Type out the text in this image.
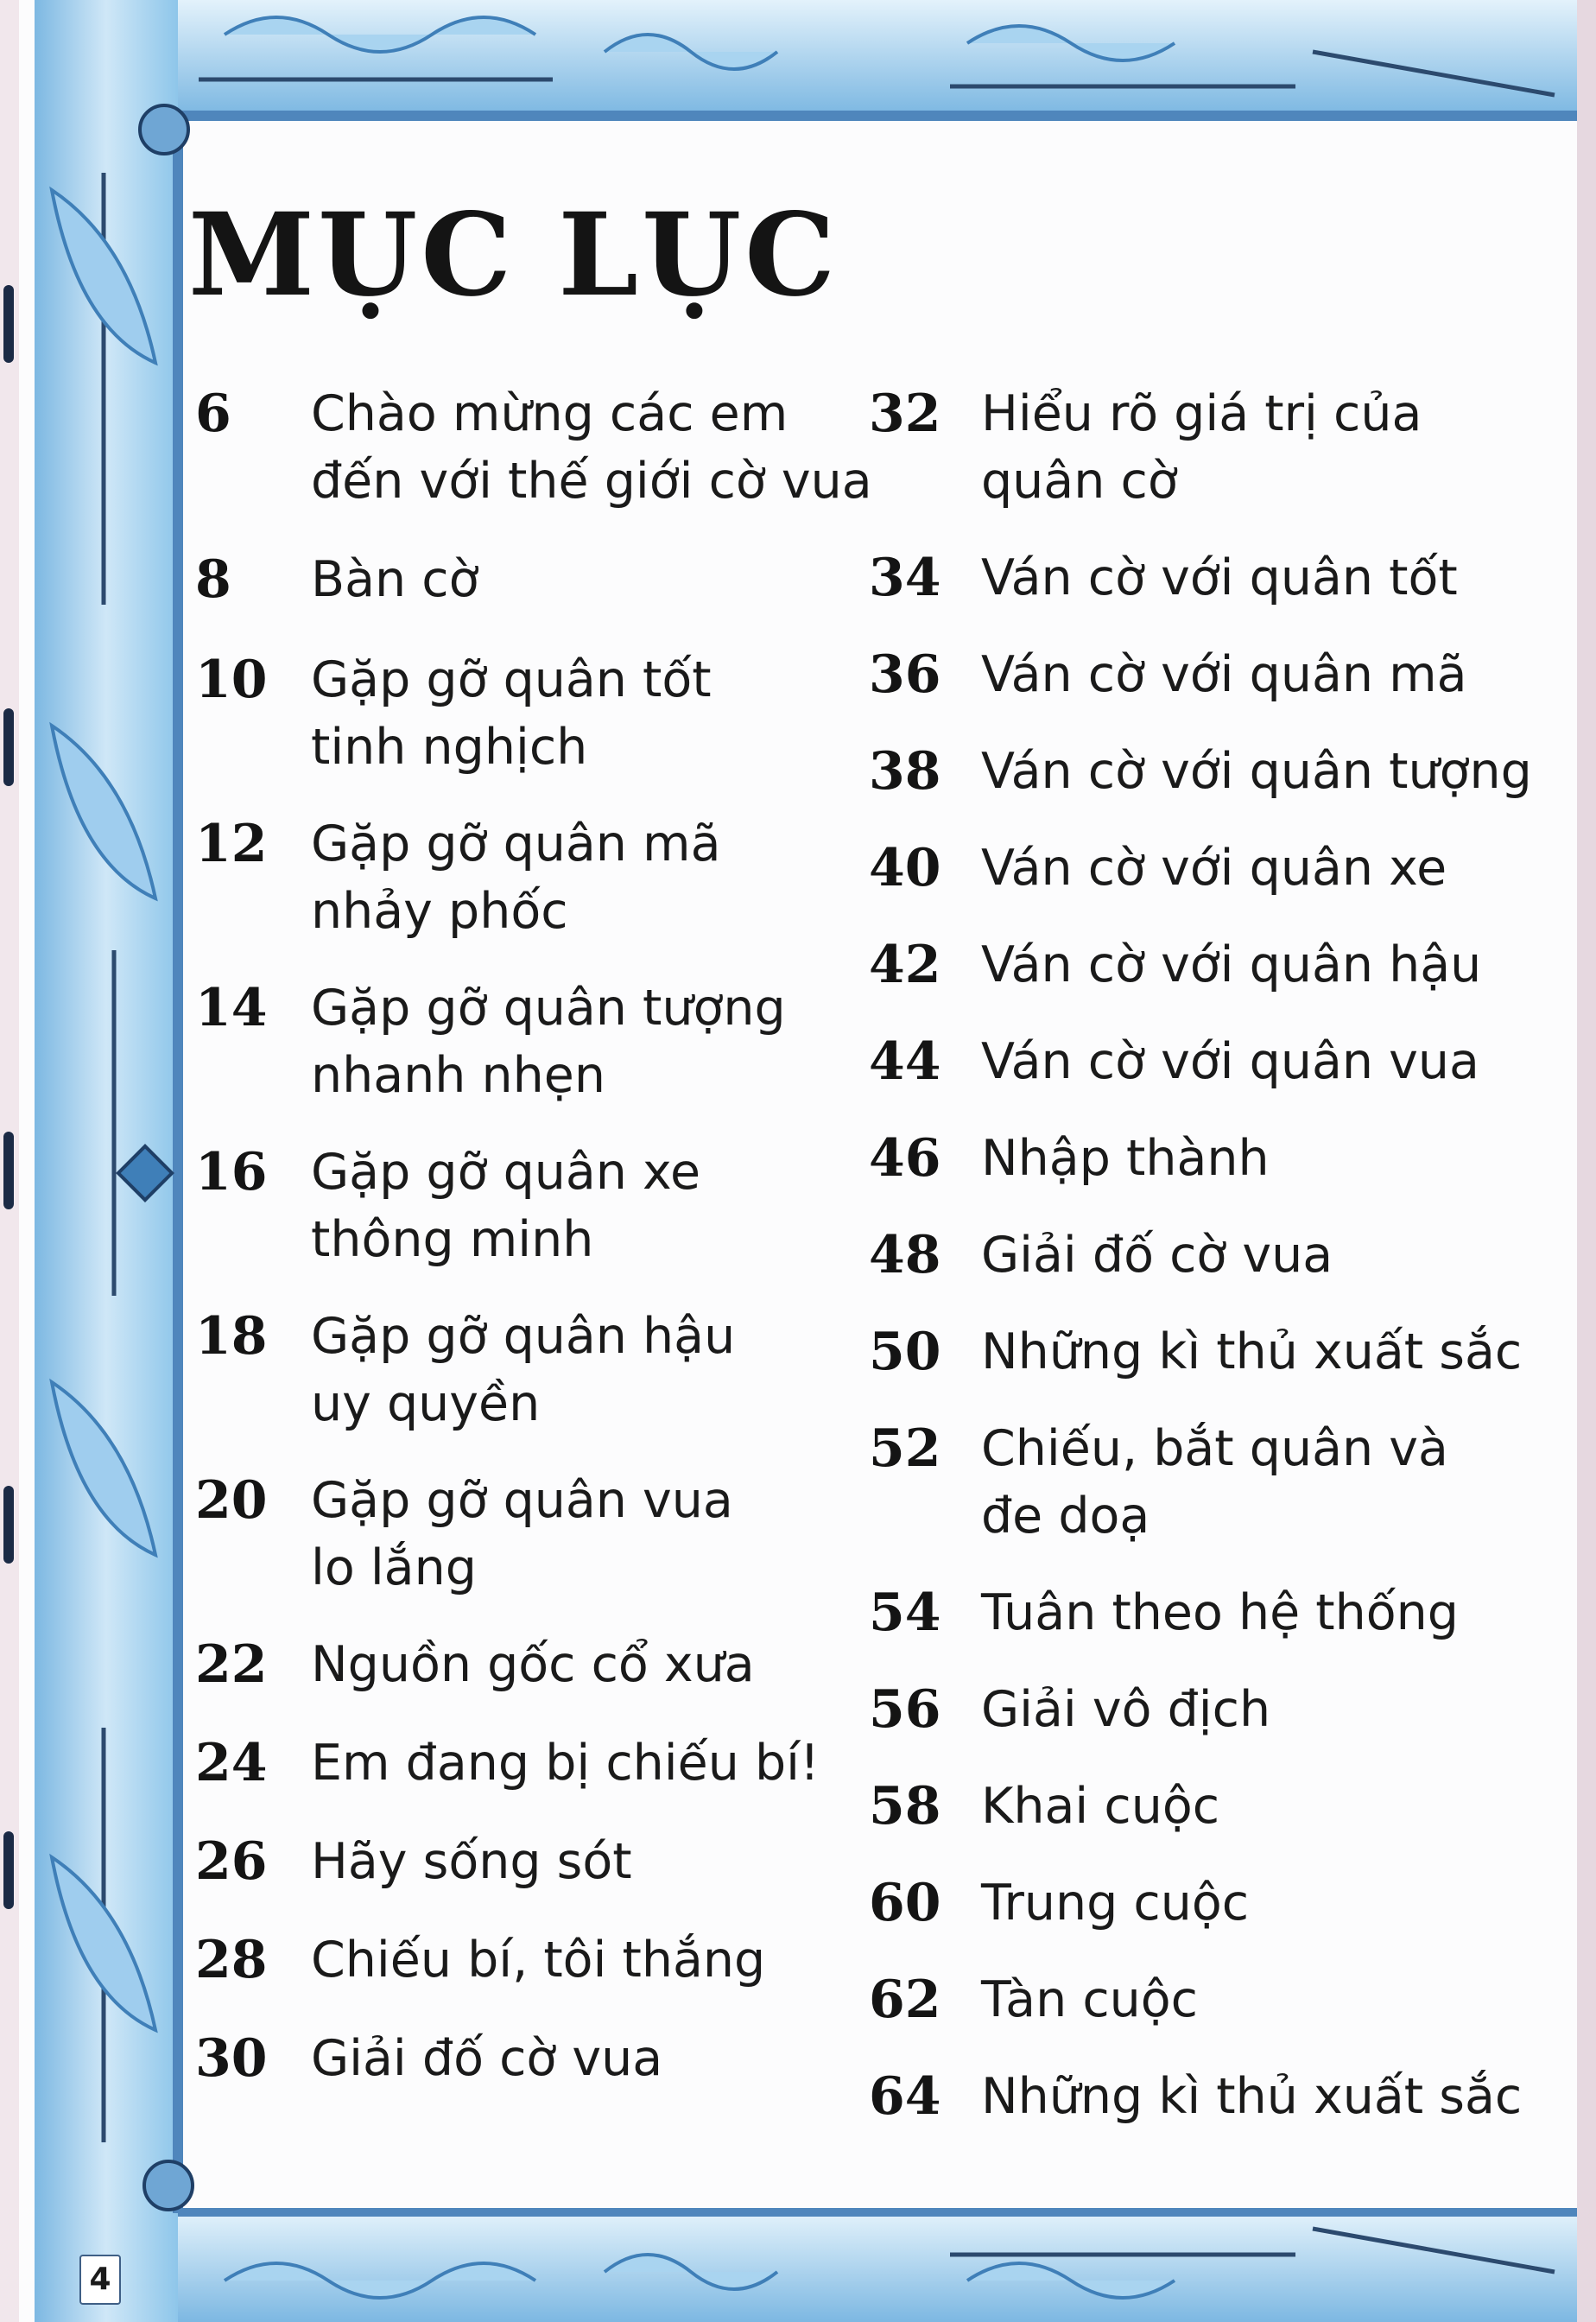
MỤC LỤC
6 Chào mừng các em
đến với thế giới cờ vua
8 Bàn cờ
10 Gặp gỡ quân tốt
tinh nghịch
12 Gặp gỡ quân mã
nhảy phốc
14 Gặp gỡ quân tượng
nhanh nhẹn
16 Gặp gỡ quân xe
thông minh
18 Gặp gỡ quân hậu
uy quyền
20 Gặp gỡ quân vua
lo lắng
22 Nguồn gốc cổ xưa
24 Em đang bị chiếu bí!
26 Hãy sống sót
28 Chiếu bí, tôi thắng
30 Giải đố cờ vua
32 Hiểu rõ giá trị của
quân cờ
34 Ván cờ với quân tốt
36 Ván cờ với quân mã
38 Ván cờ với quân tượng
40 Ván cờ với quân xe
42 Ván cờ với quân hậu
44 Ván cờ với quân vua
46 Nhập thành
48 Giải đố cờ vua
50 Những kì thủ xuất sắc
52 Chiếu, bắt quân và
đe doạ
54 Tuân theo hệ thống
56 Giải vô địch
58 Khai cuộc
60 Trung cuộc
62 Tàn cuộc
64 Những kì thủ xuất sắc
4
